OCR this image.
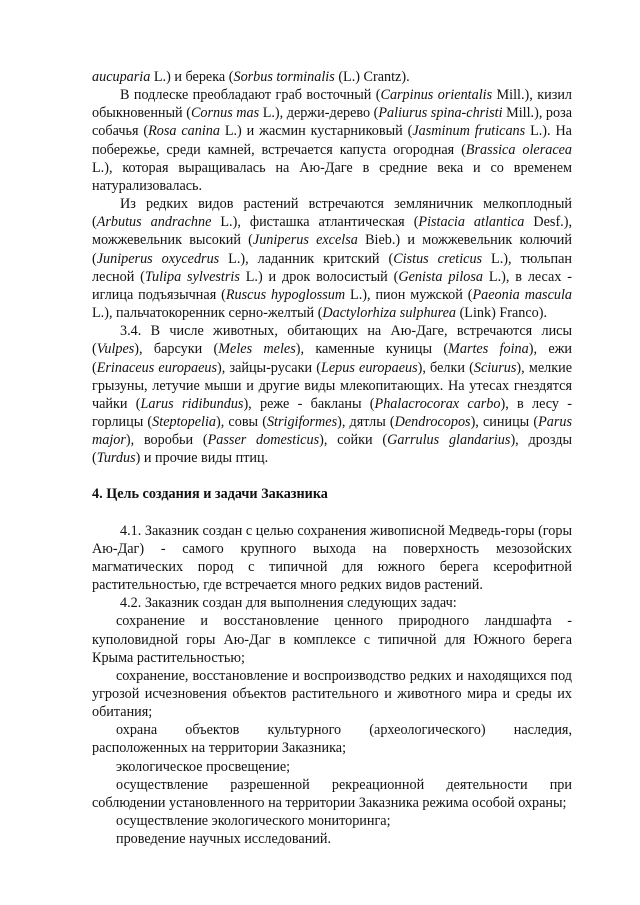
aucuparia L.) и берека (Sorbus torminalis (L.) Crantz).

В подлеске преобладают граб восточный (Carpinus orientalis Mill.), кизил обыкновенный (Cornus mas L.), держи-дерево (Paliurus spina-christi Mill.), роза собачья (Rosa canina L.) и жасмин кустарниковый (Jasminum fruticans L.). На побережье, среди камней, встречается капуста огородная (Brassica oleracea L.), которая выращивалась на Аю-Даге в средние века и со временем натурализовалась.

Из редких видов растений встречаются земляничник мелкоплодный (Arbutus andrachne L.), фисташка атлантическая (Pistacia atlantica Desf.), можжевельник высокий (Juniperus excelsa Bieb.) и можжевельник колючий (Juniperus oxycedrus L.), ладанник критский (Cistus creticus L.), тюльпан лесной (Tulipa sylvestris L.) и дрок волосистый (Genista pilosa L.), в лесах - иглица подъязычная (Ruscus hypoglossum L.), пион мужской (Paeonia mascula L.), пальчатокоренник серно-желтый (Dactylorhiza sulphurea (Link) Franco).

3.4. В числе животных, обитающих на Аю-Даге, встречаются лисы (Vulpes), барсуки (Meles meles), каменные куницы (Martes foina), ежи (Erinaceus europaeus), зайцы-русаки (Lepus europaeus), белки (Sciurus), мелкие грызуны, летучие мыши и другие виды млекопитающих. На утесах гнездятся чайки (Larus ridibundus), реже - бакланы (Phalacrocorax carbo), в лесу - горлицы (Steptopelia), совы (Strigiformes), дятлы (Dendrocopos), синицы (Parus major), воробьи (Passer domesticus), сойки (Garrulus glandarius), дрозды (Turdus) и прочие виды птиц.

4. Цель создания и задачи Заказника

4.1. Заказник создан с целью сохранения живописной Медведь-горы (горы Аю-Даг) - самого крупного выхода на поверхность мезозойских магматических пород с типичной для южного берега ксерофитной растительностью, где встречается много редких видов растений.

4.2. Заказник создан для выполнения следующих задач:

сохранение и восстановление ценного природного ландшафта - куполовидной горы Аю-Даг в комплексе с типичной для Южного берега Крыма растительностью;

сохранение, восстановление и воспроизводство редких и находящихся под угрозой исчезновения объектов растительного и животного мира и среды их обитания;

охрана объектов культурного (археологического) наследия, расположенных на территории Заказника;

экологическое просвещение;

осуществление разрешенной рекреационной деятельности при соблюдении установленного на территории Заказника режима особой охраны;

осуществление экологического мониторинга;

проведение научных исследований.
